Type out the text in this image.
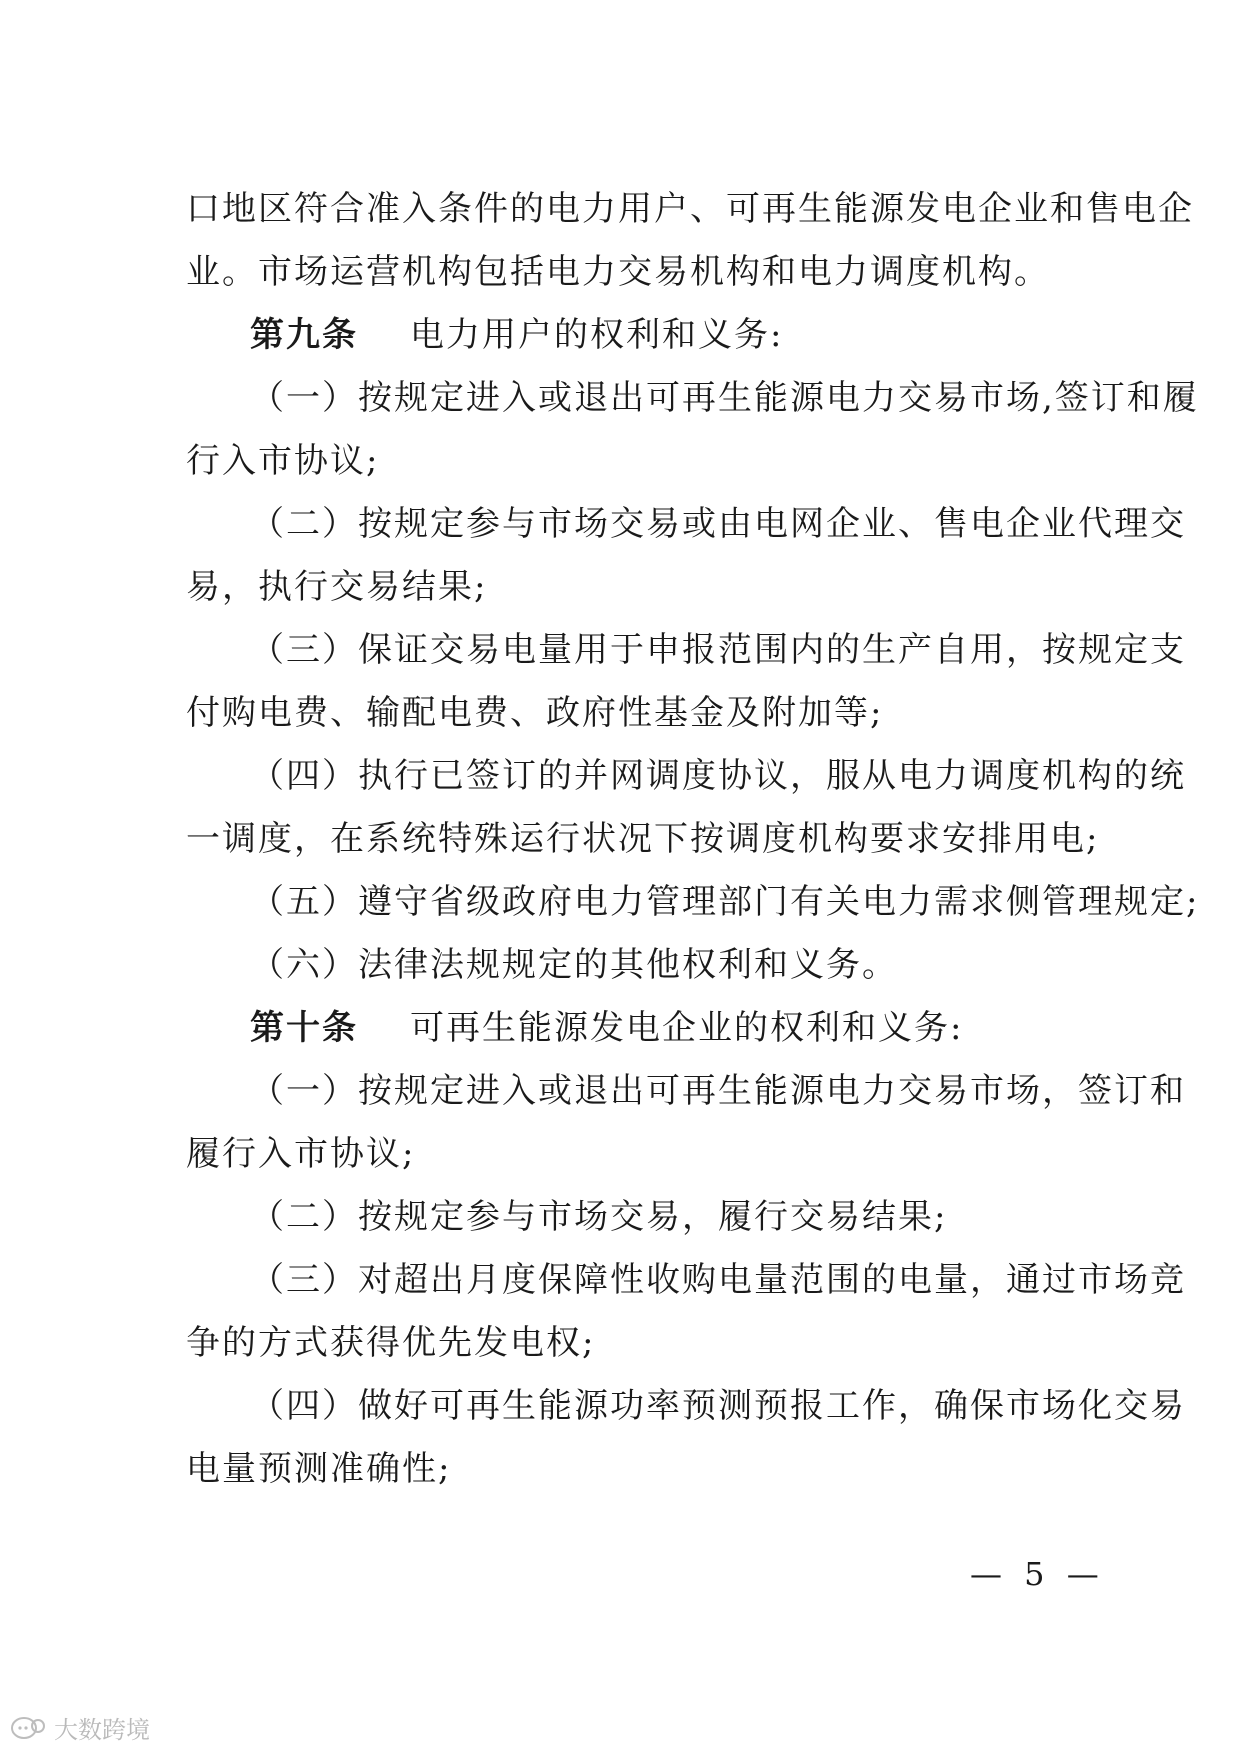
口地区符合准入条件的电力用户、可再生能源发电企业和售电企
业。市场运营机构包括电力交易机构和电力调度机构。
第九条 电力用户的权利和义务:
（一）按规定进入或退出可再生能源电力交易市场,签订和履
行入市协议;
（二）按规定参与市场交易或由电网企业、售电企业代理交
易，执行交易结果;
（三）保证交易电量用于申报范围内的生产自用，按规定支
付购电费、输配电费、政府性基金及附加等;
（四）执行已签订的并网调度协议，服从电力调度机构的统
一调度，在系统特殊运行状况下按调度机构要求安排用电;
（五）遵守省级政府电力管理部门有关电力需求侧管理规定;
（六）法律法规规定的其他权利和义务。
第十条 可再生能源发电企业的权利和义务:
（一）按规定进入或退出可再生能源电力交易市场，签订和
履行入市协议;
（二）按规定参与市场交易，履行交易结果;
（三）对超出月度保障性收购电量范围的电量，通过市场竞
争的方式获得优先发电权;
（四）做好可再生能源功率预测预报工作，确保市场化交易
电量预测准确性;
— 5 —
大数跨境
